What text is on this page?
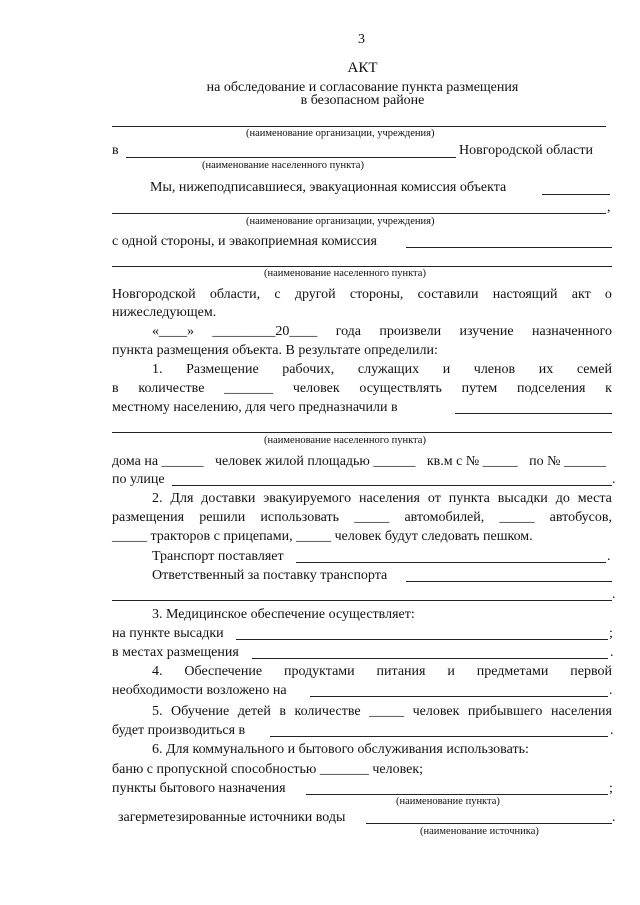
3
АКТ
на обследование и согласование пункта размещения
в безопасном районе
(наименование организации, учреждения)
в	Новгородской области
(наименование населенного пункта)
Мы, нижеподписавшиеся, эвакуационная комиссия объекта
,
(наименование организации, учреждения)
с одной стороны, и эвакоприемная комиссия
(наименование населенного пункта)
Новгородской области, с другой стороны, составили настоящий акт о
нижеследующем.
«____» _________20____ года произвели изучение назначенного
пункта размещения объекта. В результате определили:
1. Размещение рабочих, служащих и членов их семей
в количестве _______ человек осуществлять путем подселения к
местному населению, для чего предназначили в
(наименование населенного пункта)
дома на ______ человек жилой площадью ______ кв.м с № _____ по № ______
по улице	.
2. Для доставки эвакуируемого населения от пункта высадки до места
размещения решили использовать _____ автомобилей, _____ автобусов,
_____ тракторов с прицепами, _____ человек будут следовать пешком.
Транспорт поставляет	.
Ответственный за поставку транспорта
.
3. Медицинское обеспечение осуществляет:
на пункте высадки	;
в местах размещения	.
4. Обеспечение продуктами питания и предметами первой
необходимости возложено на	.
5. Обучение детей в количестве _____ человек прибывшего населения
будет производиться в	.
6. Для коммунального и бытового обслуживания использовать:
баню с пропускной способностью _______ человек;
пункты бытового назначения	;
(наименование пункта)
загерметезированные источники воды	.
(наименование источника)
